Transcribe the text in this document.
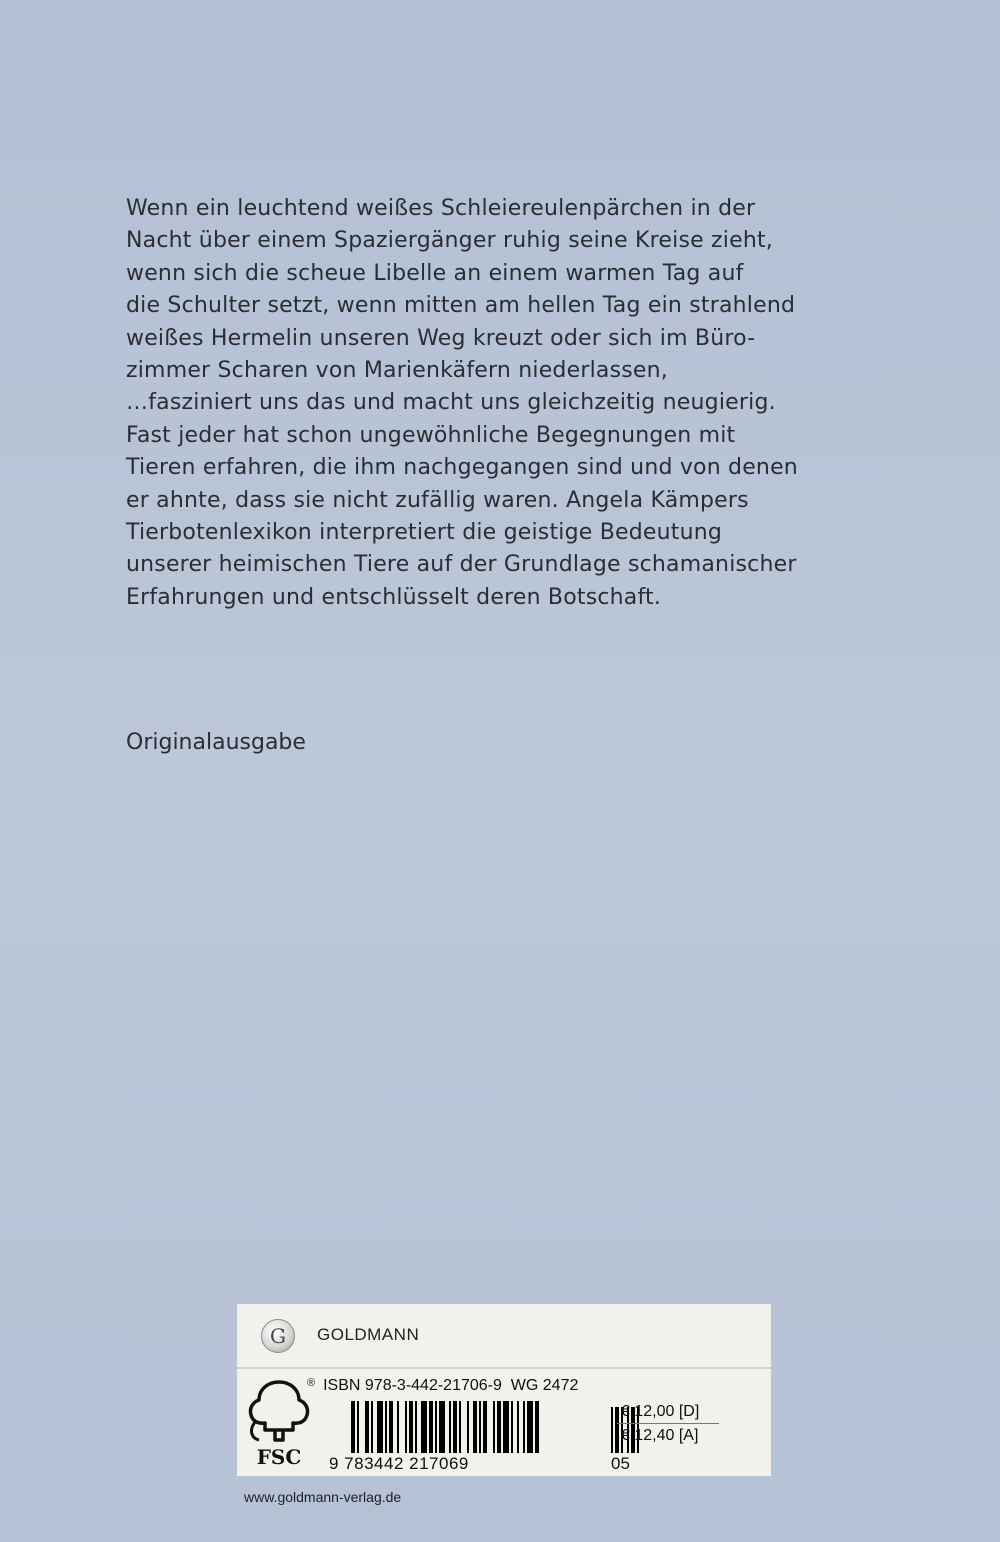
Wenn ein leuchtend weißes Schleiereulenpärchen in der

Nacht über einem Spaziergänger ruhig seine Kreise zieht,

wenn sich die scheue Libelle an einem warmen Tag auf

die Schulter setzt, wenn mitten am hellen Tag ein strahlend

weißes Hermelin unseren Weg kreuzt oder sich im Büro-

zimmer Scharen von Marienkäfern niederlassen,

…fasziniert uns das und macht uns gleichzeitig neugierig.

Fast jeder hat schon ungewöhnliche Begegnungen mit

Tieren erfahren, die ihm nachgegangen sind und von denen

er ahnte, dass sie nicht zufällig waren. Angela Kämpers

Tierbotenlexikon interpretiert die geistige Bedeutung

unserer heimischen Tiere auf der Grundlage schamanischer

Erfahrungen und entschlüsselt deren Botschaft.

Originalausgabe
G	GOLDMANN
FSC
® ISBN 978-3-442-21706-9 WG 2472
9 783442 217069	05
€ 12,00 [D]
€ 12,40 [A]
www.goldmann-verlag.de
